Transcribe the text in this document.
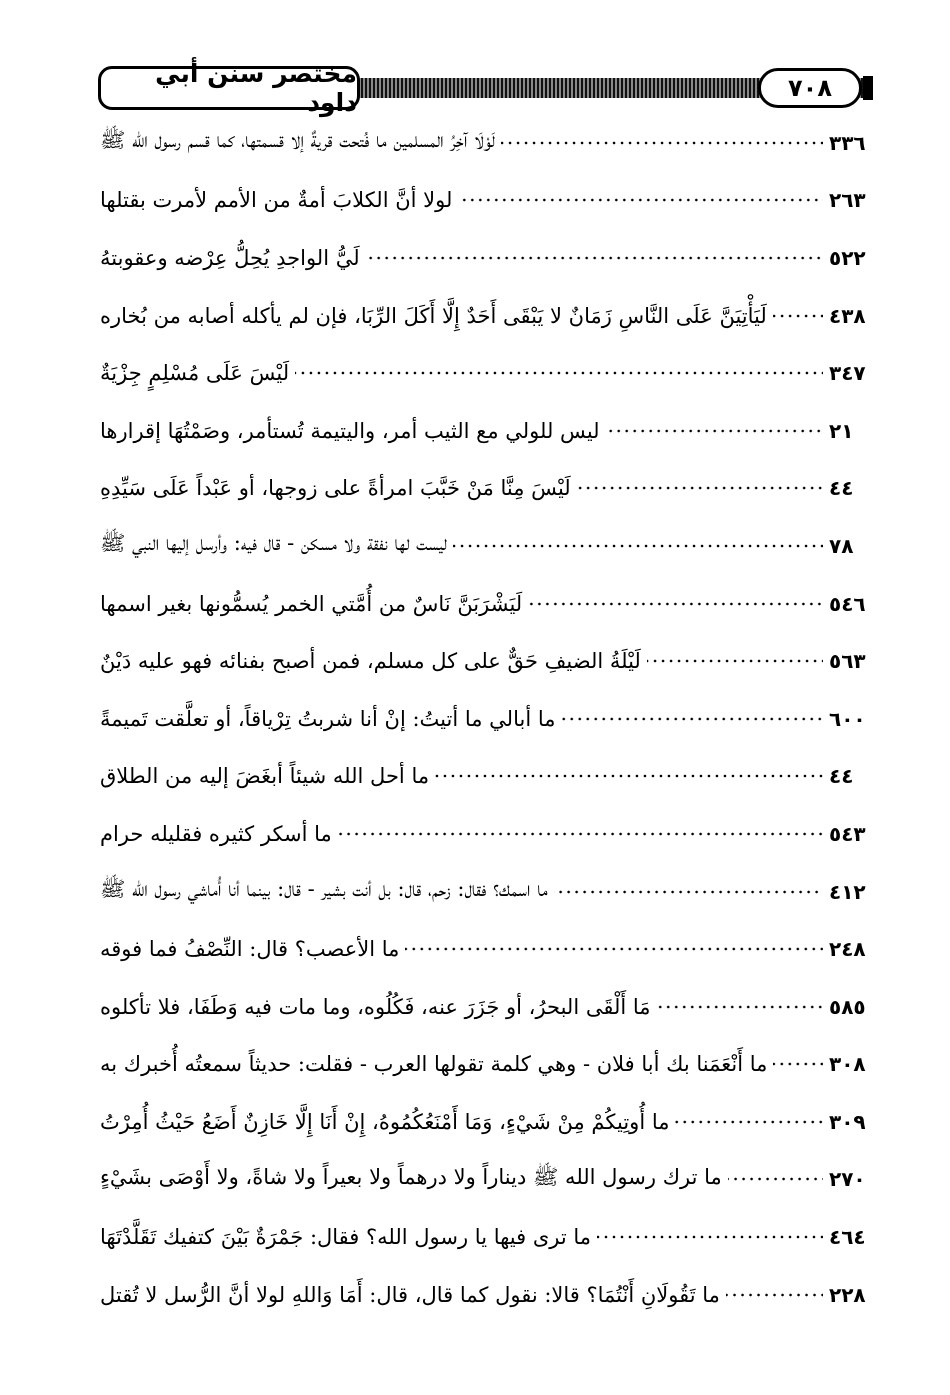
مختصر سنن أبي داود	٧٠٨
لَوْلَا آخِرُ المسلمين ما فُتحت قريةٌ إلا قسمتها، كما قسم رسول الله ﷺ	٣٣٦
لولا أنَّ الكلابَ أمةٌ من الأمم لأمرت بقتلها	٢٦٣
لَيُّ الواجدِ يُحِلُّ عِرْضه وعقوبتهُ	٥٢٢
لَيَأْتِيَنَّ عَلَى النَّاسِ زَمَانٌ لا يَبْقَى أَحَدٌ إِلَّا أَكَلَ الرِّبَا، فإن لم يأكله أصابه من بُخاره	٤٣٨
لَيْسَ عَلَى مُسْلِمٍ جِزْيَةٌ	٣٤٧
ليس للولي مع الثيب أمر، واليتيمة تُستأمر، وصَمْتُهَا إقرارها	٢١
لَيْسَ مِنَّا مَنْ خَبَّبَ امرأةً على زوجها، أو عَبْداً عَلَى سَيِّدِهِ	٤٤
ليست لها نفقة ولا مسكن - قال فيه: وأرسل إليها النبي ﷺ	٧٨
لَيَشْرَبَنَّ نَاسٌ من أُمَّتي الخمر يُسمُّونها بغير اسمها	٥٤٦
لَيْلَةُ الضيفِ حَقٌّ على كل مسلم، فمن أصبح بفنائه فهو عليه دَيْنٌ	٥٦٣
ما أبالي ما أتيتُ: إنْ أنا شربتُ تِرْياقاً، أو تعلَّقت تَميمةً	٦٠٠
ما أحل الله شيئاً أبغَضَ إليه من الطلاق	٤٤
ما أسكر كثيره فقليله حرام	٥٤٣
ما اسمك؟ فقال: زحم، قال: بل أنت بشير - قال: بينما أنا أُماشي رسول الله ﷺ	٤١٢
ما الأعصب؟ قال: النِّصْفُ فما فوقه	٢٤٨
مَا أَلْقَى البحرُ، أو جَزَرَ عنه، فَكُلُوه، وما مات فيه وَطَفَا، فلا تأكلوه	٥٨٥
ما أَنْعَمَنا بك أبا فلان - وهي كلمة تقولها العرب - فقلت: حديثاً سمعتُه أُخبرك به	٣٠٨
ما أُوتِيكُمْ مِنْ شَيْءٍ، وَمَا أَمْنَعُكُمُوهُ، إِنْ أَنَا إِلَّا خَازِنٌ أَضَعُ حَيْثُ أُمِرْتُ	٣٠٩
ما ترك رسول الله ﷺ ديناراً ولا درهماً ولا بعيراً ولا شاةً، ولا أَوْصَى بشَيْءٍ	٢٧٠
ما ترى فيها يا رسول الله؟ فقال: جَمْرَةٌ بَيْنَ كتفيك تَقَلَّدْتَهَا	٤٦٤
ما تَقُولَانِ أَنْتُمَا؟ قالا: نقول كما قال، قال: أَمَا وَاللهِ لولا أنَّ الرُّسل لا تُقتل	٢٢٨
